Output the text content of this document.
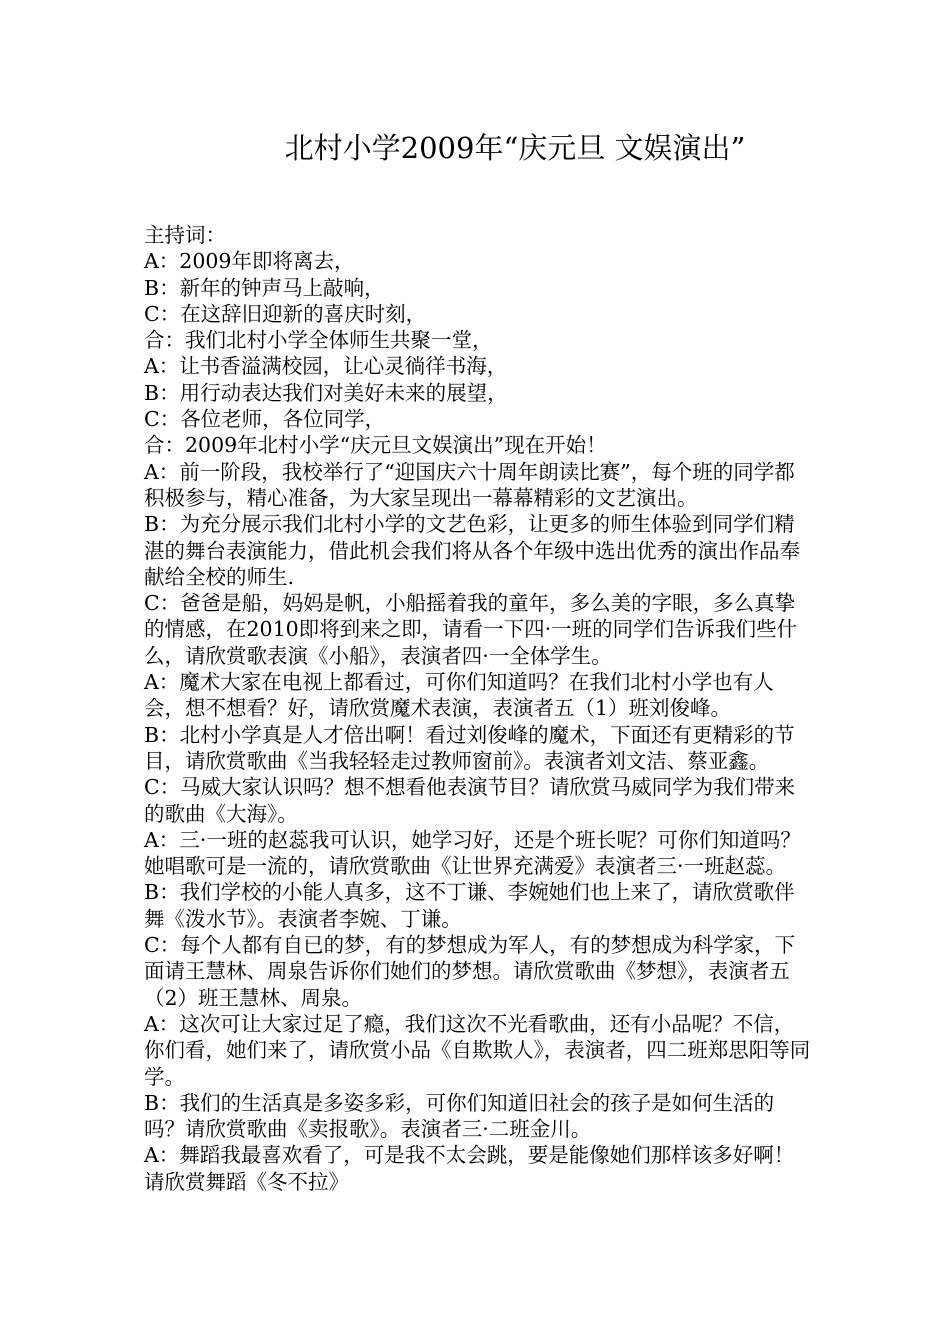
北村小学2009年“庆元旦 文娱演出”

主持词：

A：2009年即将离去，

B：新年的钟声马上敲响，

C：在这辞旧迎新的喜庆时刻，

合：我们北村小学全体师生共聚一堂，

A：让书香溢满校园，让心灵徜徉书海，

B：用行动表达我们对美好未来的展望，

C：各位老师，各位同学，

合：2009年北村小学“庆元旦文娱演出”现在开始！

A：前一阶段，我校举行了“迎国庆六十周年朗读比赛”，每个班的同学都积极参与，精心准备，为大家呈现出一幕幕精彩的文艺演出。

B：为充分展示我们北村小学的文艺色彩，让更多的师生体验到同学们精湛的舞台表演能力，借此机会我们将从各个年级中选出优秀的演出作品奉献给全校的师生.

C：爸爸是船，妈妈是帆，小船摇着我的童年，多么美的字眼，多么真挚的情感，在2010即将到来之即，请看一下四·一班的同学们告诉我们些什么，请欣赏歌表演《小船》，表演者四·一全体学生。

A：魔术大家在电视上都看过，可你们知道吗？在我们北村小学也有人会，想不想看？好，请欣赏魔术表演，表演者五（1）班刘俊峰。

B：北村小学真是人才倍出啊！看过刘俊峰的魔术，下面还有更精彩的节目，请欣赏歌曲《当我轻轻走过教师窗前》。表演者刘文洁、蔡亚鑫。

C：马威大家认识吗？想不想看他表演节目？请欣赏马威同学为我们带来的歌曲《大海》。

A：三·一班的赵蕊我可认识，她学习好，还是个班长呢？可你们知道吗？她唱歌可是一流的，请欣赏歌曲《让世界充满爱》表演者三·一班赵蕊。

B：我们学校的小能人真多，这不丁谦、李婉她们也上来了，请欣赏歌伴舞《泼水节》。表演者李婉、丁谦。

C：每个人都有自已的梦，有的梦想成为军人，有的梦想成为科学家，下面请王慧林、周泉告诉你们她们的梦想。请欣赏歌曲《梦想》，表演者五（2）班王慧林、周泉。

A：这次可让大家过足了瘾，我们这次不光看歌曲，还有小品呢？不信，你们看，她们来了，请欣赏小品《自欺欺人》，表演者，四二班郑思阳等同学。

B：我们的生活真是多姿多彩，可你们知道旧社会的孩子是如何生活的吗？请欣赏歌曲《卖报歌》。表演者三·二班金川。

A：舞蹈我最喜欢看了，可是我不太会跳，要是能像她们那样该多好啊！请欣赏舞蹈《冬不拉》
